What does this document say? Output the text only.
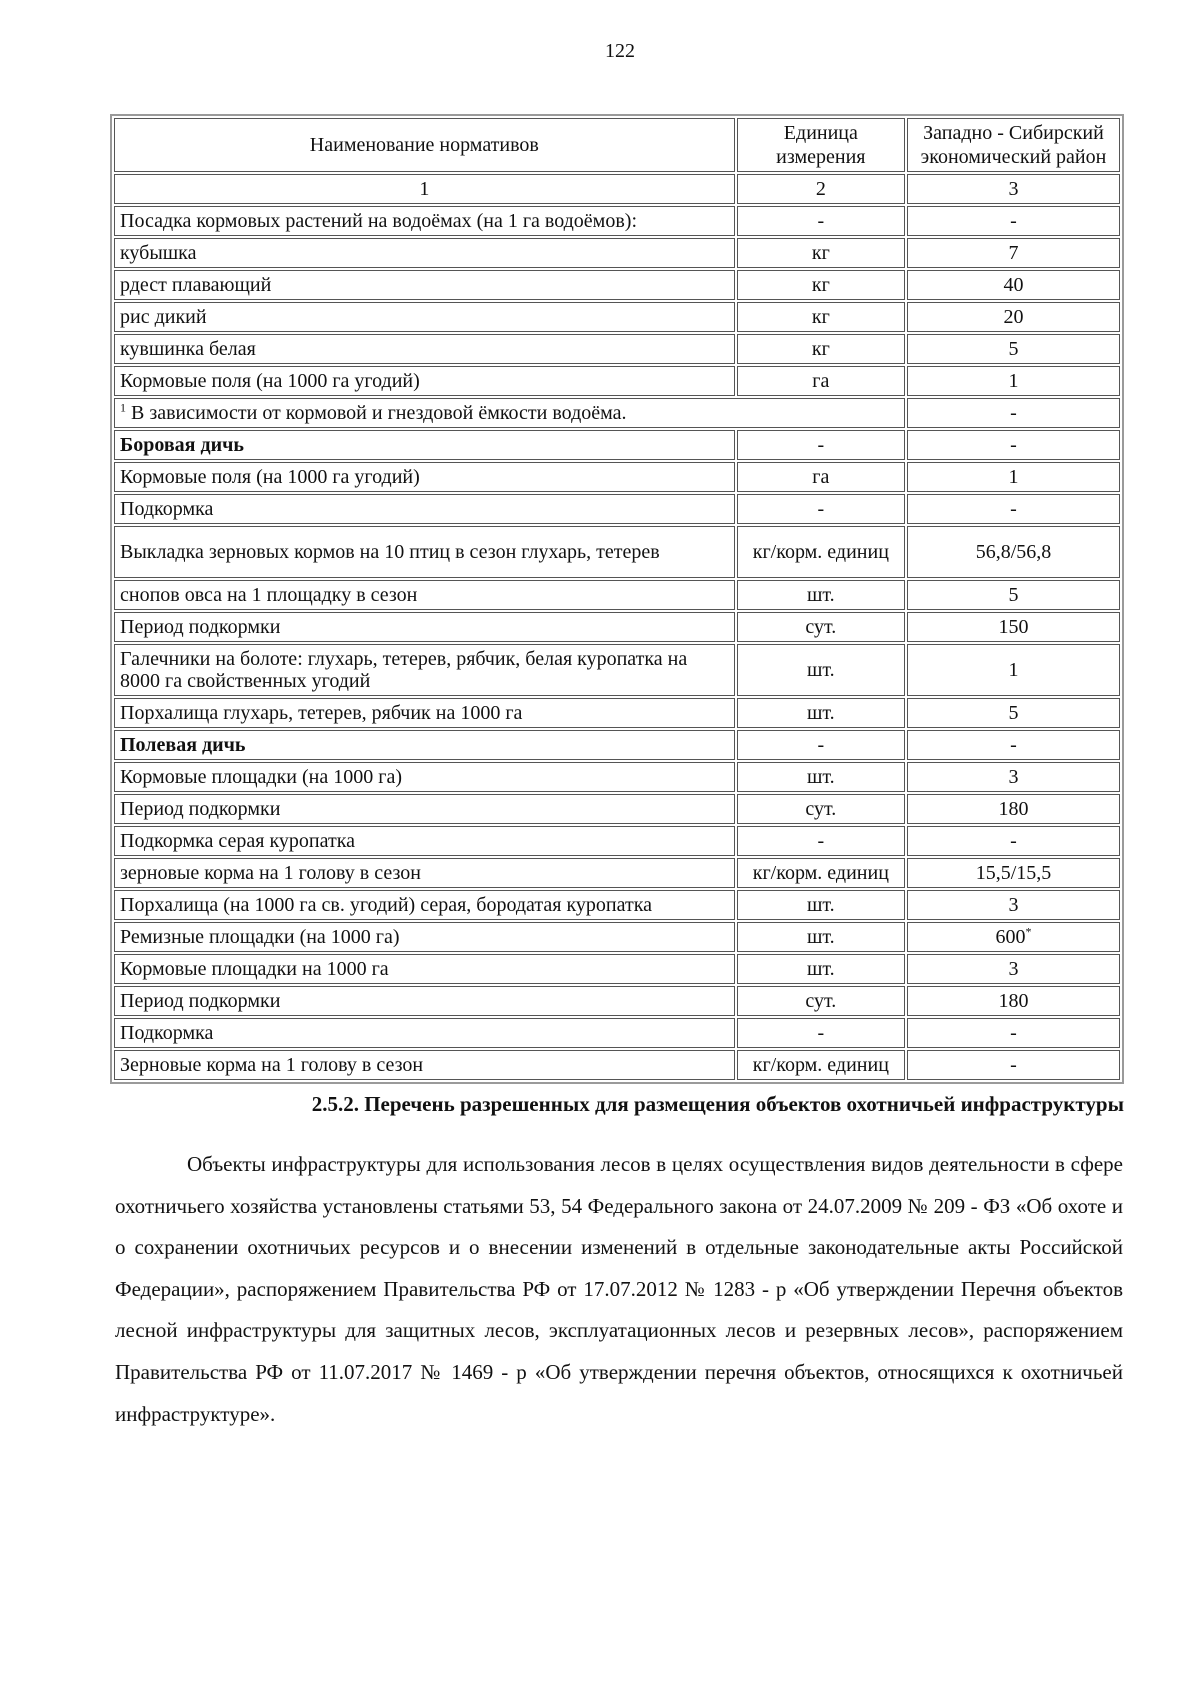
122
Наименование нормативов	Единица измерения	Западно - Сибирский экономический район
1	2	3
Посадка кормовых растений на водоёмах (на 1 га водоёмов):	-	-
кубышка	кг	7
рдест плавающий	кг	40
рис дикий	кг	20
кувшинка белая	кг	5
Кормовые поля (на 1000 га угодий)	га	1
$^1$ В зависимости от кормовой и гнездовой ёмкости водоёма.		-
Боровая дичь	-	-
Кормовые поля (на 1000 га угодий)	га	1
Подкормка	-	-
Выкладка зерновых кормов на 10 птиц в сезон глухарь, тетерев	кг/корм. единиц	56,8/56,8
снопов овса на 1 площадку в сезон	шт.	5
Период подкормки	сут.	150
Галечники на болоте: глухарь, тетерев, рябчик, белая куропатка на 8000 га свойственных угодий	шт.	1
Порхалища глухарь, тетерев, рябчик на 1000 га	шт.	5
Полевая дичь	-	-
Кормовые площадки (на 1000 га)	шт.	3
Период подкормки	сут.	180
Подкормка серая куропатка	-	-
зерновые корма на 1 голову в сезон	кг/корм. единиц	15,5/15,5
Порхалища (на 1000 га св. угодий) серая, бородатая куропатка	шт.	3
Ремизные площадки (на 1000 га)	шт.	600*
Кормовые площадки на 1000 га	шт.	3
Период подкормки	сут.	180
Подкормка	-	-
Зерновые корма на 1 голову в сезон	кг/корм. единиц	-
2.5.2. Перечень разрешенных для размещения объектов охотничьей инфраструктуры

Объекты инфраструктуры для использования лесов в целях осуществления видов деятельности в сфере охотничьего хозяйства установлены статьями 53, 54 Федерального закона от 24.07.2009 № 209 - ФЗ «Об охоте и о сохранении охотничьих ресурсов и о внесении изменений в отдельные законодательные акты Российской Федерации», распоряжением Правительства РФ от 17.07.2012 № 1283 - р «Об утверждении Перечня объектов лесной инфраструктуры для защитных лесов, эксплуатационных лесов и резервных лесов», распоряжением Правительства РФ от 11.07.2017 № 1469 - р «Об утверждении перечня объектов, относящихся к охотничьей инфраструктуре».
